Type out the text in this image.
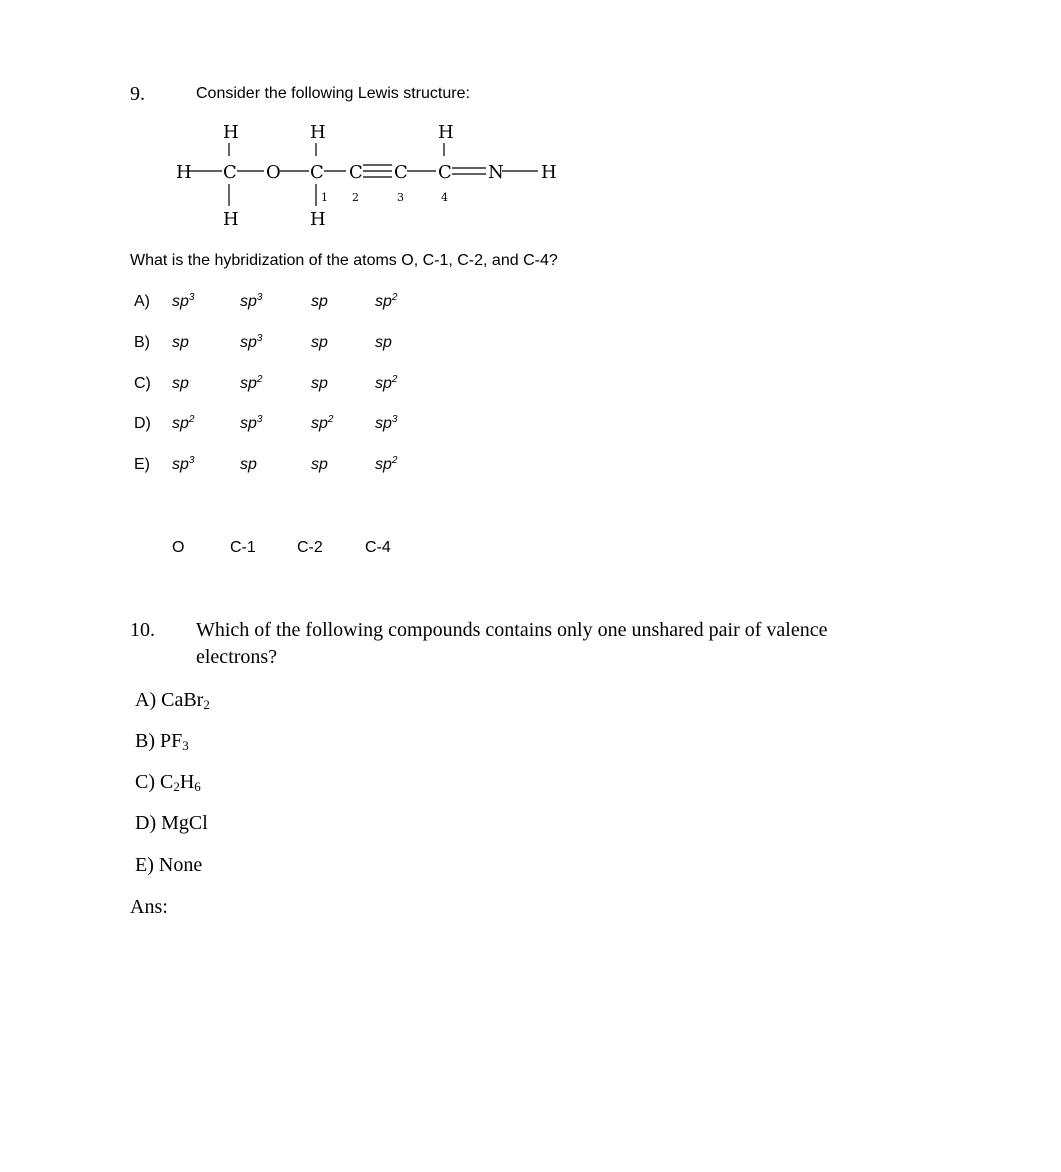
9.	Consider the following Lewis structure:
H	H	H
H C O C C C C N H
H	H
1 2	3	4
What is the hybridization of the atoms O, C-1, C-2, and C-4?
A) $sp^3$	$sp^3$	sp	$sp^2$
B) sp	$sp^3$	sp	sp
C) sp	$sp^2$	sp	$sp^2$
D) $sp^2$	$sp^3$	$sp^2$	$sp^3$
E) $sp^3$	sp	sp	$sp^2$
O	C-1	C-2	C-4
10. Which of the following compounds contains only one unshared pair of valence
electrons?
A) CaBr$_2$
B) $PF_3$
C) $C_2H_6$
D) MgCl
E) None
Ans:
